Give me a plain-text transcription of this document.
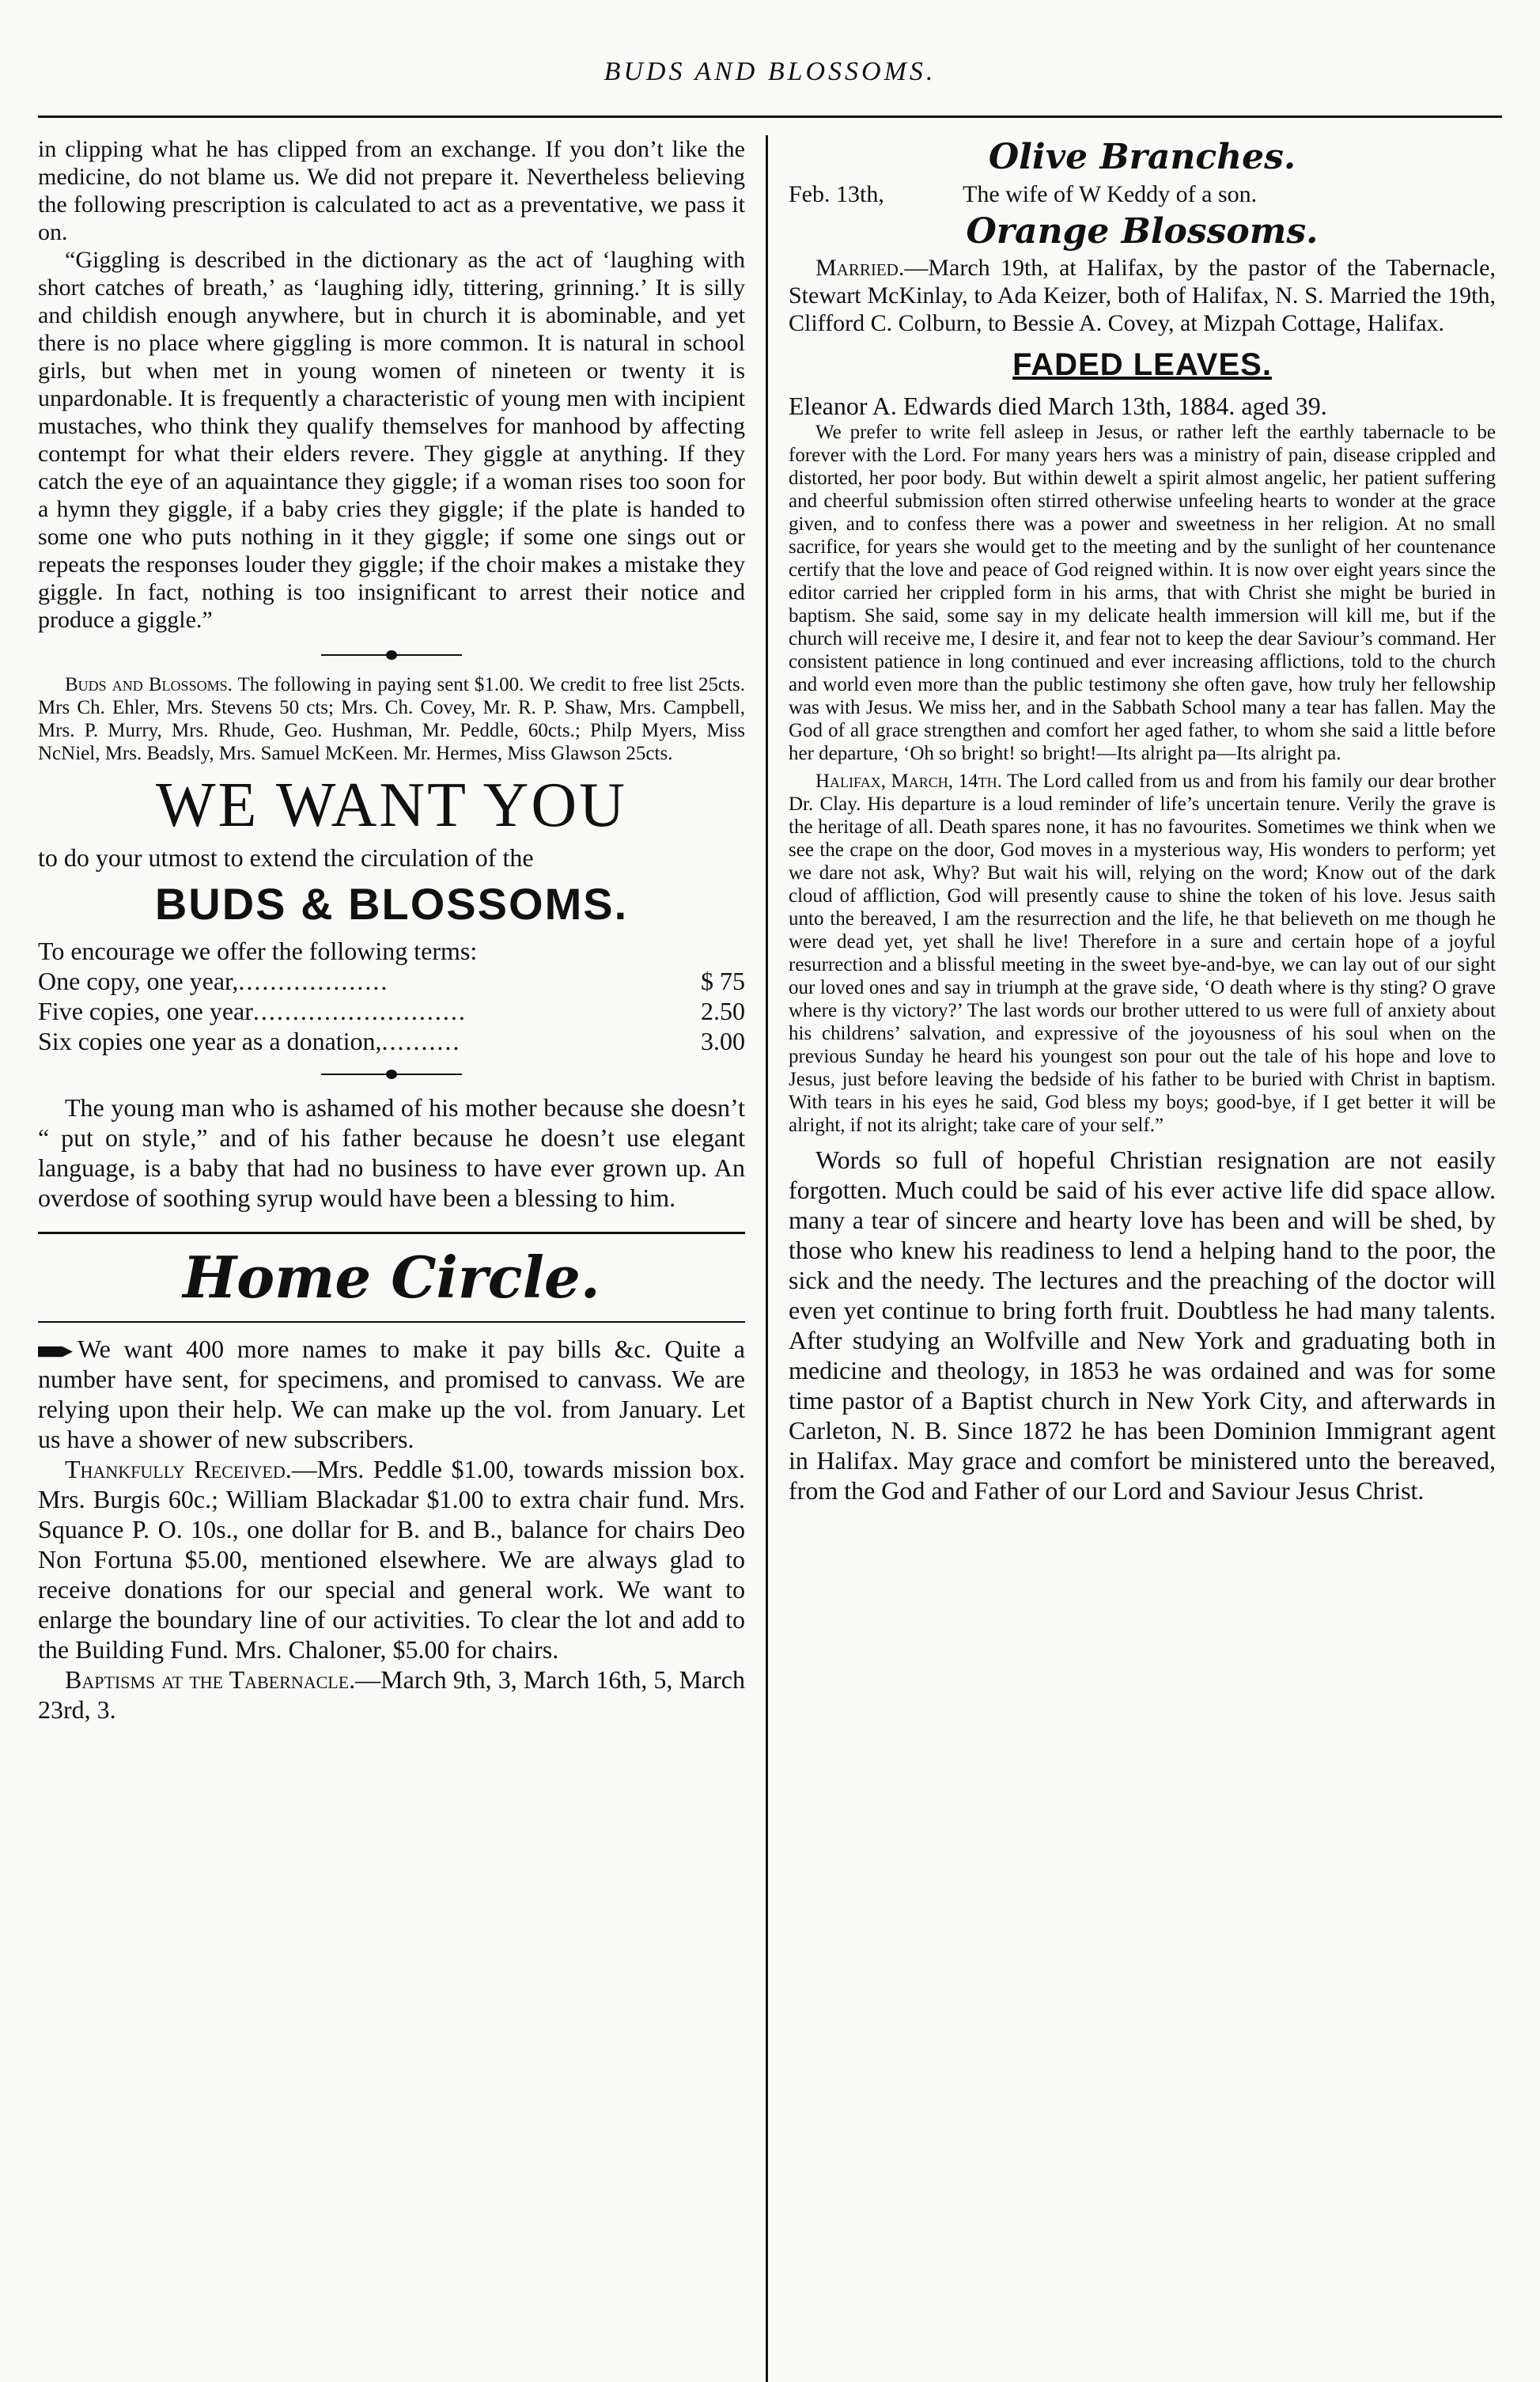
BUDS AND BLOSSOMS.

in clipping what he has clipped from an exchange. If you don’t like the medicine, do not blame us. We did not prepare it. Nevertheless believing the following prescription is calculated to act as a preventative, we pass it on.

“Giggling is described in the dictionary as the act of ‘laughing with short catches of breath,’ as ‘laughing idly, tittering, grinning.’ It is silly and childish enough anywhere, but in church it is abominable, and yet there is no place where giggling is more common. It is natural in school girls, but when met in young women of nineteen or twenty it is unpardonable. It is frequently a characteristic of young men with incipient mustaches, who think they qualify themselves for manhood by affecting contempt for what their elders revere. They giggle at anything. If they catch the eye of an aquaintance they giggle; if a woman rises too soon for a hymn they giggle, if a baby cries they giggle; if the plate is handed to some one who puts nothing in it they giggle; if some one sings out or repeats the responses louder they giggle; if the choir makes a mistake they giggle. In fact, nothing is too insignificant to arrest their notice and produce a giggle.”

Buds and Blossoms. The following in paying sent $1.00. We credit to free list 25cts. Mrs Ch. Ehler, Mrs. Stevens 50 cts; Mrs. Ch. Covey, Mr. R. P. Shaw, Mrs. Campbell, Mrs. P. Murry, Mrs. Rhude, Geo. Hushman, Mr. Peddle, 60cts.; Philp Myers, Miss NcNiel, Mrs. Beadsly, Mrs. Samuel McKeen. Mr. Hermes, Miss Glawson 25cts.

WE WANT YOU

to do your utmost to extend the circulation of the

BUDS & BLOSSOMS.

To encourage we offer the following terms:

One copy, one year, ...................	$ 75
Five copies, one year ...........................	2.50
Six copies one year as a donation, ..........	3.00

The young man who is ashamed of his mother because she doesn’t “ put on style,” and of his father because he doesn’t use elegant language, is a baby that had no business to have ever grown up. An overdose of soothing syrup would have been a blessing to him.

Home Circle.

We want 400 more names to make it pay bills &c. Quite a number have sent, for specimens, and promised to canvass. We are relying upon their help. We can make up the vol. from January. Let us have a shower of new subscribers.

Thankfully Received.—Mrs. Peddle $1.00, towards mission box. Mrs. Burgis 60c.; William Blackadar $1.00 to extra chair fund. Mrs. Squance P. O. 10s., one dollar for B. and B., balance for chairs Deo Non Fortuna $5.00, mentioned elsewhere. We are always glad to receive donations for our special and general work. We want to enlarge the boundary line of our activities. To clear the lot and add to the Building Fund. Mrs. Chaloner, $5.00 for chairs.

Baptisms at the Tabernacle.—March 9th, 3, March 16th, 5, March 23rd, 3.

Olive Branches.
Feb. 13th,	The wife of W Keddy of a son.
Orange Blossoms.

Married.—March 19th, at Halifax, by the pastor of the Tabernacle, Stewart McKinlay, to Ada Keizer, both of Halifax, N. S. Married the 19th, Clifford C. Colburn, to Bessie A. Covey, at Mizpah Cottage, Halifax.

FADED LEAVES.

Eleanor A. Edwards died March 13th, 1884. aged 39.

We prefer to write fell asleep in Jesus, or rather left the earthly tabernacle to be forever with the Lord. For many years hers was a ministry of pain, disease crippled and distorted, her poor body. But within dewelt a spirit almost angelic, her patient suffering and cheerful submission often stirred otherwise unfeeling hearts to wonder at the grace given, and to confess there was a power and sweetness in her religion. At no small sacrifice, for years she would get to the meeting and by the sunlight of her countenance certify that the love and peace of God reigned within. It is now over eight years since the editor carried her crippled form in his arms, that with Christ she might be buried in baptism. She said, some say in my delicate health immersion will kill me, but if the church will receive me, I desire it, and fear not to keep the dear Saviour’s command. Her consistent patience in long continued and ever increasing afflictions, told to the church and world even more than the public testimony she often gave, how truly her fellowship was with Jesus. We miss her, and in the Sabbath School many a tear has fallen. May the God of all grace strengthen and comfort her aged father, to whom she said a little before her departure, ‘Oh so bright! so bright!—Its alright pa—Its alright pa.

Halifax, March, 14th. The Lord called from us and from his family our dear brother Dr. Clay. His departure is a loud reminder of life’s uncertain tenure. Verily the grave is the heritage of all. Death spares none, it has no favourites. Sometimes we think when we see the crape on the door, God moves in a mysterious way, His wonders to perform; yet we dare not ask, Why? But wait his will, relying on the word; Know out of the dark cloud of affliction, God will presently cause to shine the token of his love. Jesus saith unto the bereaved, I am the resurrection and the life, he that believeth on me though he were dead yet, yet shall he live! Therefore in a sure and certain hope of a joyful resurrection and a blissful meeting in the sweet bye-and-bye, we can lay out of our sight our loved ones and say in triumph at the grave side, ‘O death where is thy sting? O grave where is thy victory?’ The last words our brother uttered to us were full of anxiety about his childrens’ salvation, and expressive of the joyousness of his soul when on the previous Sunday he heard his youngest son pour out the tale of his hope and love to Jesus, just before leaving the bedside of his father to be buried with Christ in baptism. With tears in his eyes he said, God bless my boys; good-bye, if I get better it will be alright, if not its alright; take care of your self.”

Words so full of hopeful Christian resignation are not easily forgotten. Much could be said of his ever active life did space allow. many a tear of sincere and hearty love has been and will be shed, by those who knew his readiness to lend a helping hand to the poor, the sick and the needy. The lectures and the preaching of the doctor will even yet continue to bring forth fruit. Doubtless he had many talents. After studying an Wolfville and New York and graduating both in medicine and theology, in 1853 he was ordained and was for some time pastor of a Baptist church in New York City, and afterwards in Carleton, N. B. Since 1872 he has been Dominion Immigrant agent in Halifax. May grace and comfort be ministered unto the bereaved, from the God and Father of our Lord and Saviour Jesus Christ.
